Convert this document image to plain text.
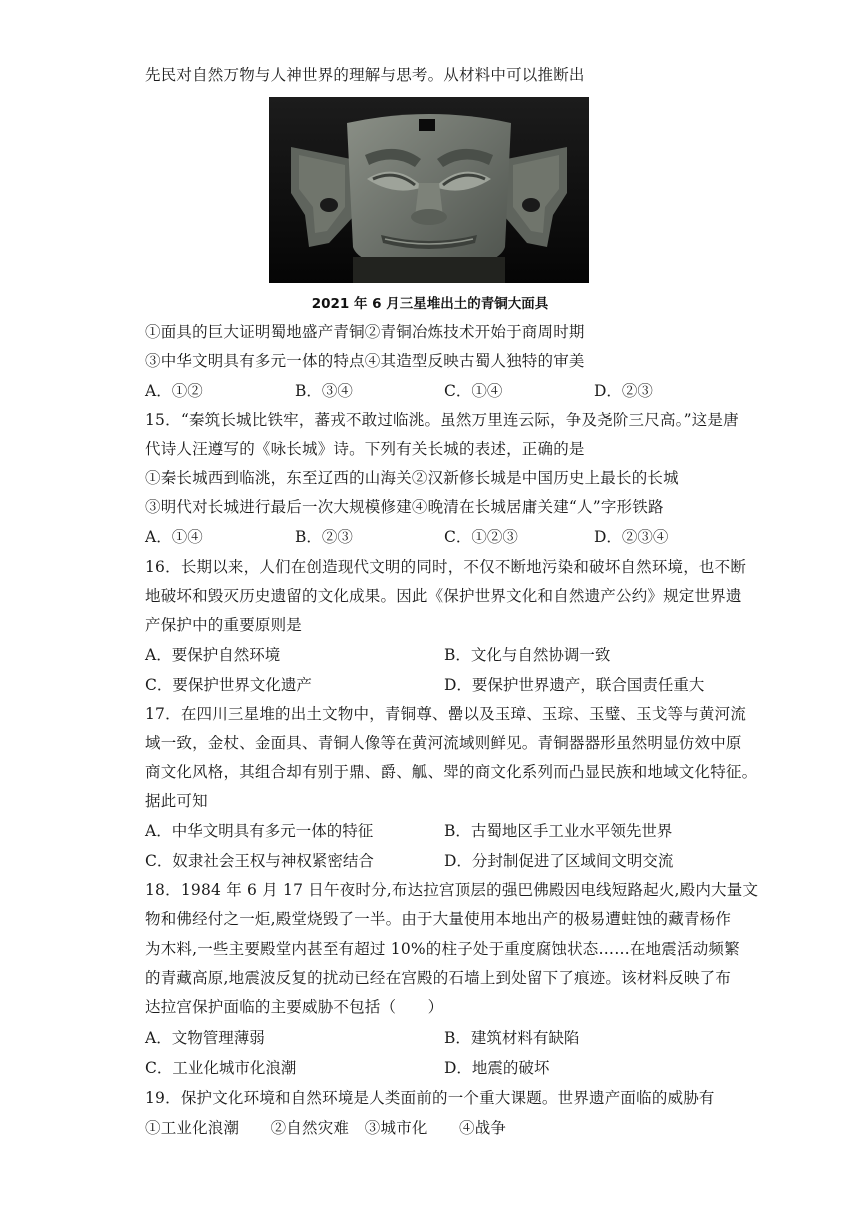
先民对自然万物与人神世界的理解与思考。从材料中可以推断出
2021 年 6 月三星堆出土的青铜大面具
①面具的巨大证明蜀地盛产青铜②青铜冶炼技术开始于商周时期
③中华文明具有多元一体的特点④其造型反映古蜀人独特的审美
A．①②	B．③④	C．①④	D．②③
15．“秦筑长城比铁牢，蕃戎不敢过临洮。虽然万里连云际，争及尧阶三尺高。”这是唐
代诗人汪遵写的《咏长城》诗。下列有关长城的表述，正确的是
①秦长城西到临洮，东至辽西的山海关②汉新修长城是中国历史上最长的长城
③明代对长城进行最后一次大规模修建④晚清在长城居庸关建“人”字形铁路
A．①④	B．②③	C．①②③	D．②③④
16．长期以来，人们在创造现代文明的同时，不仅不断地污染和破坏自然环境，也不断
地破坏和毁灭历史遗留的文化成果。因此《保护世界文化和自然遗产公约》规定世界遗
产保护中的重要原则是
A．要保护自然环境	B．文化与自然协调一致
C．要保护世界文化遗产	D．要保护世界遗产，联合国责任重大
17．在四川三星堆的出土文物中，青铜尊、罍以及玉璋、玉琮、玉璧、玉戈等与黄河流
域一致，金杖、金面具、青铜人像等在黄河流域则鲜见。青铜器器形虽然明显仿效中原
商文化风格，其组合却有别于鼎、爵、觚、斝的商文化系列而凸显民族和地域文化特征。
据此可知
A．中华文明具有多元一体的特征	B．古蜀地区手工业水平领先世界
C．奴隶社会王权与神权紧密结合	D．分封制促进了区域间文明交流
18．1984 年 6 月 17 日午夜时分,布达拉宫顶层的强巴佛殿因电线短路起火,殿内大量文
物和佛经付之一炬,殿堂烧毁了一半。由于大量使用本地出产的极易遭蛀蚀的藏青杨作
为木料,一些主要殿堂内甚至有超过 10%的柱子处于重度腐蚀状态……在地震活动频繁
的青藏高原,地震波反复的扰动已经在宫殿的石墙上到处留下了痕迹。该材料反映了布
达拉宫保护面临的主要威胁不包括（　　）
A．文物管理薄弱	B．建筑材料有缺陷
C．工业化城市化浪潮	D．地震的破坏
19．保护文化环境和自然环境是人类面前的一个重大课题。世界遗产面临的威胁有
①工业化浪潮　　②自然灾难　③城市化　　④战争
